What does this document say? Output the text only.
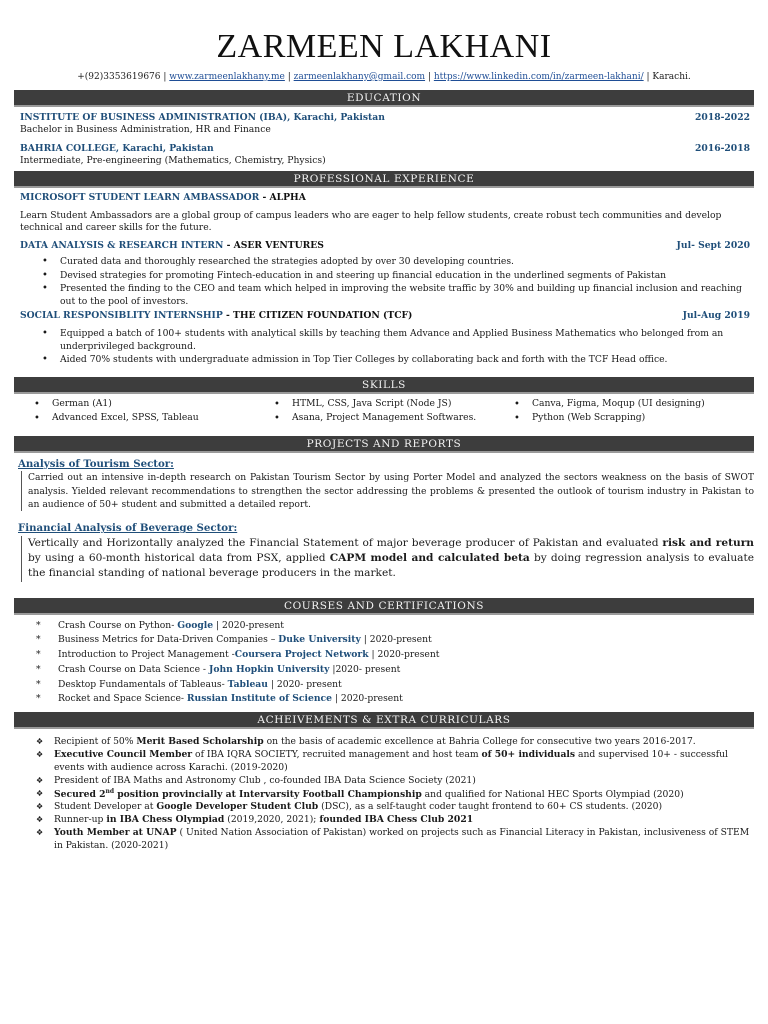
ZARMEEN LAKHANI
+(92)3353619676 | www.zarmeenlakhany.me | zarmeenlakhany@gmail.com | https://www.linkedin.com/in/zarmeen-lakhani/ | Karachi.
EDUCATION
INSTITUTE OF BUSINESS ADMINISTRATION (IBA), Karachi, Pakistan	2018-2022
Bachelor in Business Administration, HR and Finance
BAHRIA COLLEGE, Karachi, Pakistan	2016-2018
Intermediate, Pre-engineering (Mathematics, Chemistry, Physics)
PROFESSIONAL EXPERIENCE
MICROSOFT STUDENT LEARN AMBASSADOR - ALPHA
Learn Student Ambassadors are a global group of campus leaders who are eager to help fellow students, create robust tech communities and develop technical and career skills for the future.
DATA ANALYSIS & RESEARCH INTERN - ASER VENTURES	Jul- Sept 2020
• Curated data and thoroughly researched the strategies adopted by over 30 developing countries.
• Devised strategies for promoting Fintech-education in and steering up financial education in the underlined segments of Pakistan
• Presented the finding to the CEO and team which helped in improving the website traffic by 30% and building up financial inclusion and reaching out to the pool of investors.
SOCIAL RESPONSIBLITY INTERNSHIP - THE CITIZEN FOUNDATION (TCF)	Jul-Aug 2019
• Equipped a batch of 100+ students with analytical skills by teaching them Advance and Applied Business Mathematics who belonged from an underprivileged background.
• Aided 70% students with undergraduate admission in Top Tier Colleges by collaborating back and forth with the TCF Head office.
SKILLS
• German (A1)
• Advanced Excel, SPSS, Tableau
• HTML, CSS, Java Script (Node JS)
• Asana, Project Management Softwares.
• Canva, Figma, Moqup (UI designing)
• Python (Web Scrapping)
PROJECTS AND REPORTS
Analysis of Tourism Sector:
Carried out an intensive in-depth research on Pakistan Tourism Sector by using Porter Model and analyzed the sectors weakness on the basis of SWOT analysis. Yielded relevant recommendations to strengthen the sector addressing the problems & presented the outlook of tourism industry in Pakistan to an audience of 50+ student and submitted a detailed report.
Financial Analysis of Beverage Sector:
Vertically and Horizontally analyzed the Financial Statement of major beverage producer of Pakistan and evaluated risk and return by using a 60-month historical data from PSX, applied CAPM model and calculated beta by doing regression analysis to evaluate the financial standing of national beverage producers in the market.
COURSES AND CERTIFICATIONS
* Crash Course on Python- Google | 2020-present
* Business Metrics for Data-Driven Companies – Duke University | 2020-present
* Introduction to Project Management -Coursera Project Network | 2020-present
* Crash Course on Data Science - John Hopkin University |2020- present
* Desktop Fundamentals of Tableaus- Tableau | 2020- present
* Rocket and Space Science- Russian Institute of Science | 2020-present
ACHEIVEMENTS & EXTRA CURRICULARS
❖ Recipient of 50% Merit Based Scholarship on the basis of academic excellence at Bahria College for consecutive two years 2016-2017.
❖ Executive Council Member of IBA IQRA SOCIETY, recruited management and host team of 50+ individuals and supervised 10+ - successful events with audience across Karachi. (2019-2020)
❖ President of IBA Maths and Astronomy Club , co-founded IBA Data Science Society (2021)
❖ Secured 2nd position provincially at Intervarsity Football Championship and qualified for National HEC Sports Olympiad (2020)
❖ Student Developer at Google Developer Student Club (DSC), as a self-taught coder taught frontend to 60+ CS students. (2020)
❖ Runner-up in IBA Chess Olympiad (2019,2020, 2021); founded IBA Chess Club 2021
❖ Youth Member at UNAP ( United Nation Association of Pakistan) worked on projects such as Financial Literacy in Pakistan, inclusiveness of STEM in Pakistan. (2020-2021)
